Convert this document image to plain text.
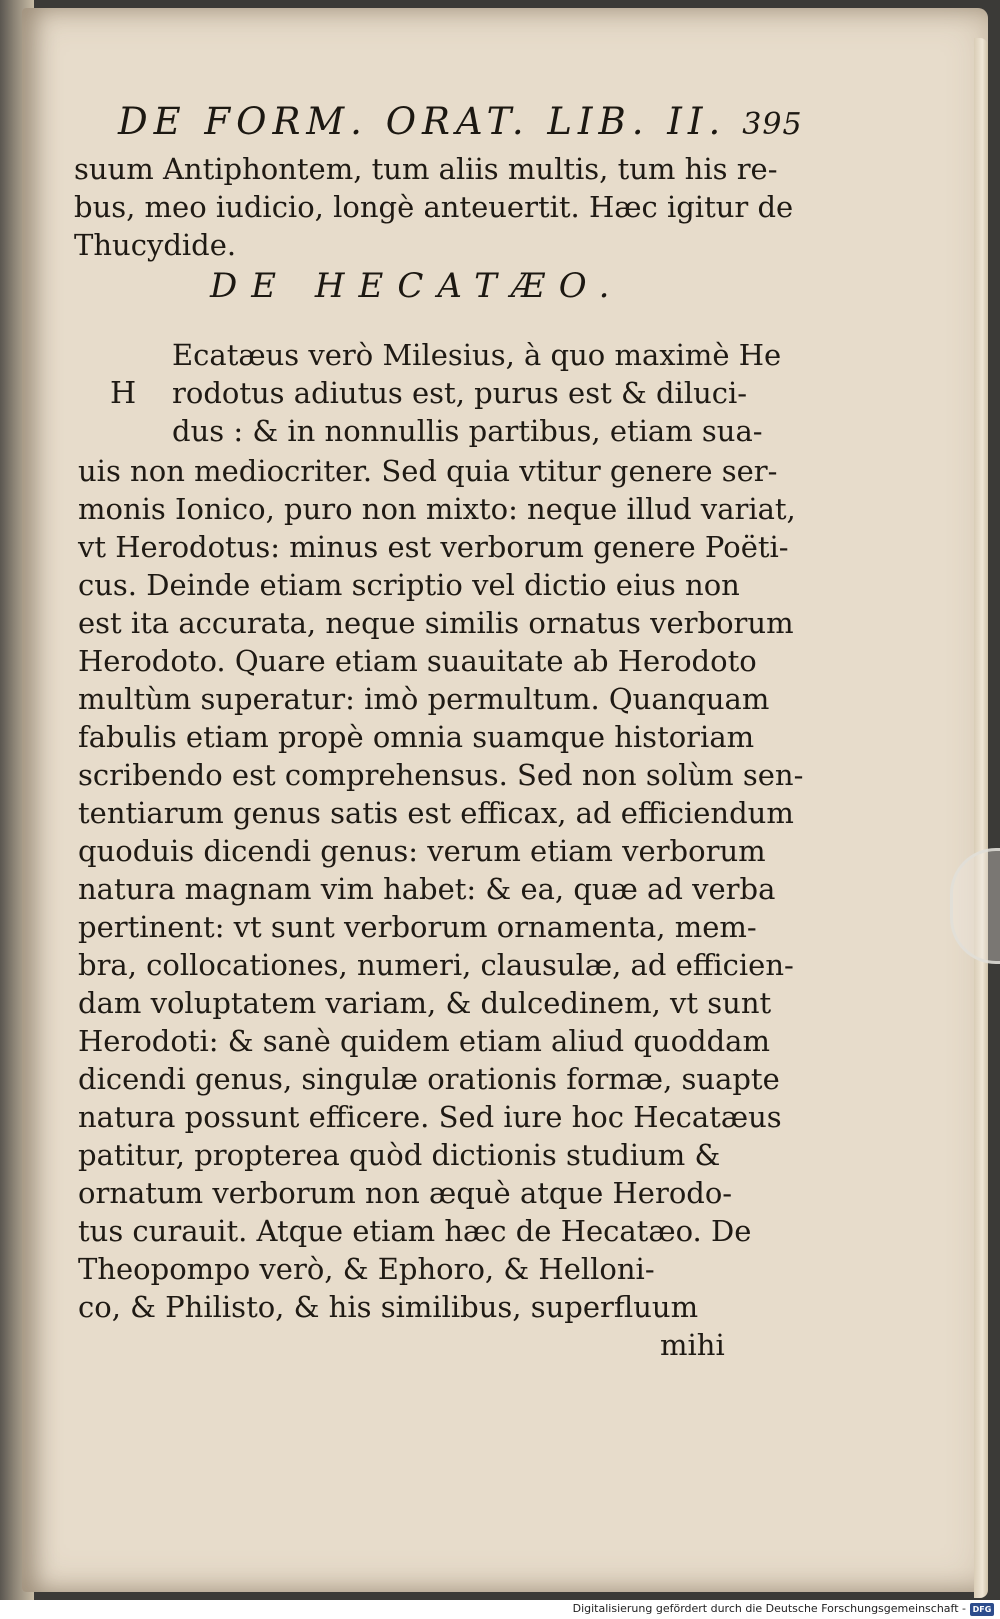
DE FORM. ORAT. LIB. II. 395
suum Antiphontem, tum aliis multis, tum his re-
bus, meo iudicio, longè anteuertit. Hæc igitur de
Thucydide.
DE HECATÆO.
Ecatæus verò Milesius, à quo maximè He
H rodotus adiutus est, purus est & diluci-
dus : & in nonnullis partibus, etiam sua-
uis non mediocriter. Sed quia vtitur genere ser-
monis Ionico, puro non mixto: neque illud variat,
vt Herodotus: minus est verborum genere Poëti-
cus. Deinde etiam scriptio vel dictio eius non
est ita accurata, neque similis ornatus verborum
Herodoto. Quare etiam suauitate ab Herodoto
multùm superatur: imò permultum. Quanquam
fabulis etiam propè omnia suamque historiam
scribendo est comprehensus. Sed non solùm sen-
tentiarum genus satis est efficax, ad efficiendum
quoduis dicendi genus: verum etiam verborum
natura magnam vim habet: & ea, quæ ad verba
pertinent: vt sunt verborum ornamenta, mem-
bra, collocationes, numeri, clausulæ, ad efficien-
dam voluptatem variam, & dulcedinem, vt sunt
Herodoti: & sanè quidem etiam aliud quoddam
dicendi genus, singulæ orationis formæ, suapte
natura possunt efficere. Sed iure hoc Hecatæus
patitur, propterea quòd dictionis studium &
ornatum verborum non æquè atque Herodo-
tus curauit. Atque etiam hæc de Hecatæo. De
Theopompo verò, & Ephoro, & Helloni-
co, & Philisto, & his similibus, superfluum
mihi
Digitalisierung gefördert durch die Deutsche Forschungsgemeinschaft - DFG
